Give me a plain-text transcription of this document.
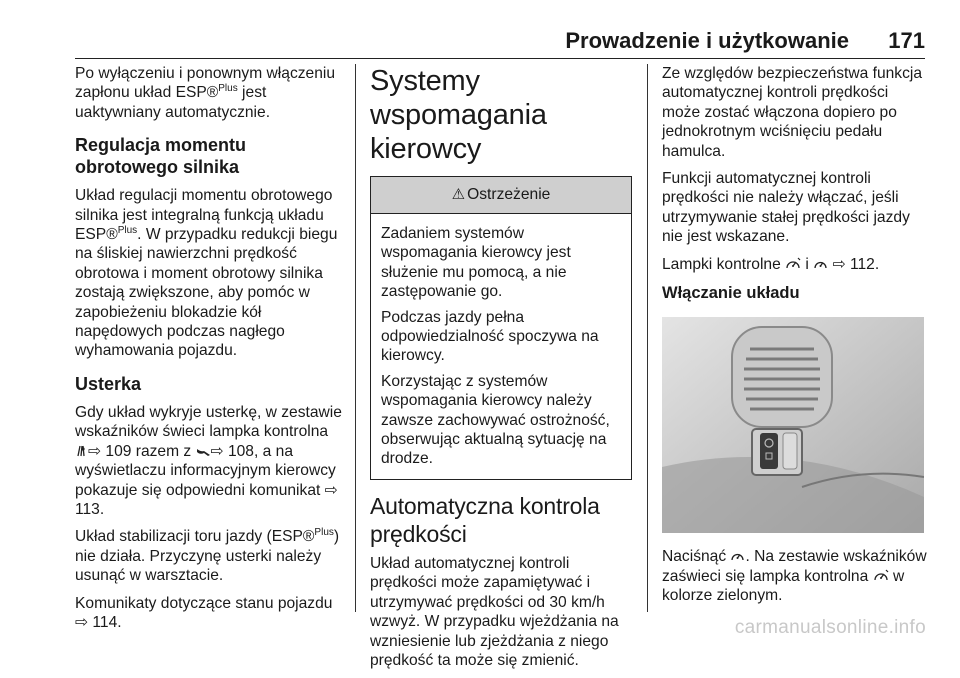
Prowadzenie i użytkowanie 171

Po wyłączeniu i ponownym włączeniu zapłonu układ ESP®$^{Plus}$ jest uaktywniany automatycznie.

Regulacja momentu obrotowego silnika

Układ regulacji momentu obrotowego silnika jest integralną funkcją układu ESP®$^{Plus}$. W przypadku redukcji biegu na śliskiej nawierzchni prędkość obrotowa i moment obrotowy silnika zostają zwiększone, aby pomóc w zapobieżeniu blokadzie kół napędowych podczas nagłego wyhamowania pojazdu.

Usterka

Gdy układ wykryje usterkę, w zestawie wskaźników świeci lampka kontrolna ⇨ 109 razem z ⇨ 108, a na wyświetlaczu informacyjnym kierowcy pokazuje się odpowiedni komunikat ⇨ 113.

Układ stabilizacji toru jazdy (ESP®$^{Plus}$) nie działa. Przyczynę usterki należy usunąć w warsztacie.

Komunikaty dotyczące stanu pojazdu
⇨ 114.

Systemy wspomagania kierowcy
⚠ Ostrzeżenie

Zadaniem systemów wspomagania kierowcy jest służenie mu pomocą, a nie zastępowanie go.

Podczas jazdy pełna odpowiedzialność spoczywa na kierowcy.

Korzystając z systemów wspomagania kierowcy należy zawsze zachowywać ostrożność, obserwując aktualną sytuację na drodze.

Automatyczna kontrola prędkości

Układ automatycznej kontroli prędkości może zapamiętywać i utrzymywać prędkości od 30 km/h wzwyż. W przypadku wjeżdżania na wzniesienie lub zjeżdżania z niego prędkość ta może się zmienić.

Ze względów bezpieczeństwa funkcja automatycznej kontroli prędkości może zostać włączona dopiero po jednokrotnym wciśnięciu pedału hamulca.

Funkcji automatycznej kontroli prędkości nie należy włączać, jeśli utrzymywanie stałej prędkości jazdy nie jest wskazane.

Lampki kontrolne  i  ⇨ 112.

Włączanie układu

Naciśnąć . Na zestawie wskaźników zaświeci się lampka kontrolna  w kolorze zielonym.

carmanualsonline.info
